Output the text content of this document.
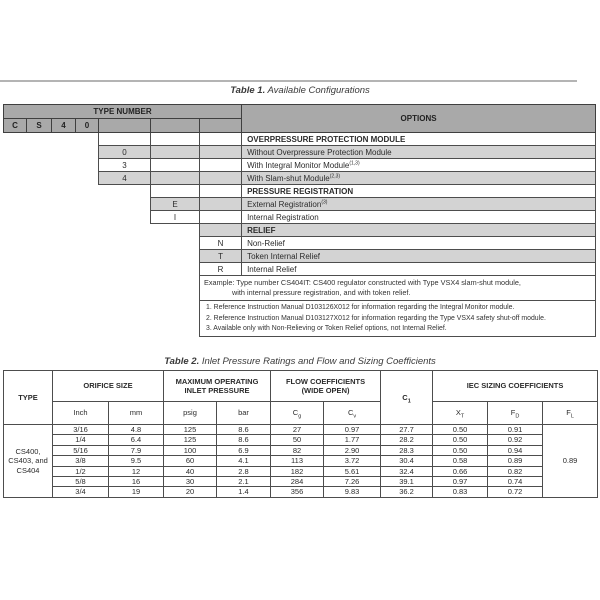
Table 1. Available Configurations
TYPE NUMBER							OPTIONS
C	S	4	0				
							OVERPRESSURE PROTECTION MODULE
				0			Without Overpressure Protection Module
				3			With Integral Monitor Module$^{(1,3)}$
				4			With Slam-shut Module$^{(2,3)}$
							PRESSURE REGISTRATION
					E		External Registration$^{(3)}$
					I		Internal Registration
							RELIEF
						N	Non-Relief
						T	Token Internal Relief
						R	Internal Relief

						Example: Type number CS404IT: CS400 regulator constructed with Type VSX4 slam-shut module,
with internal pressure registration, and with token relief.	

						1. Reference Instruction Manual D103126X012 for information regarding the Integral Monitor module.
2. Reference Instruction Manual D103127X012 for information regarding the Type VSX4 safety shut-off module.
3. Available only with Non-Relieving or Token Relief options, not Internal Relief.	
Table 2. Inlet Pressure Ratings and Flow and Sizing Coefficients
TYPE	ORIFICE SIZE		MAXIMUM OPERATING INLET PRESSURE		FLOW COEFFICIENTS (WIDE OPEN)		$C_1$	IEC SIZING COEFFICIENTS		
	Inch	mm	psig	bar	$C_g$	$C_v$		$X_T$	$F_D$	$F_L$

CS400,
CS403, and
CS404	3/16	4.8	125	8.6	27	0.97	27.7	0.50	0.91	0.89
	1/4	6.4	125	8.6	50	1.77	28.2	0.50	0.92	
	5/16	7.9	100	6.9	82	2.90	28.3	0.50	0.94	
	3/8	9.5	60	4.1	113	3.72	30.4	0.58	0.89	
	1/2	12	40	2.8	182	5.61	32.4	0.66	0.82	
	5/8	16	30	2.1	284	7.26	39.1	0.97	0.74	
	3/4	19	20	1.4	356	9.83	36.2	0.83	0.72	
